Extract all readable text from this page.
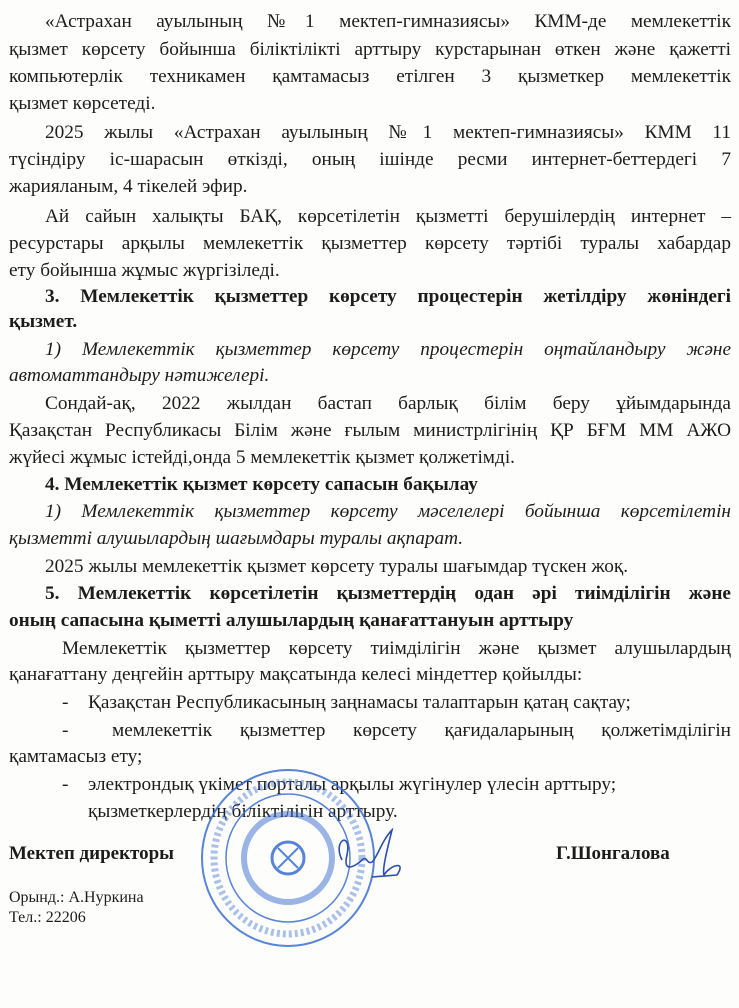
«Астрахан ауылының №1 мектеп-гимназиясы» КММ-де мемлекеттік
қызмет көрсету бойынша біліктілікті арттыру курстарынан өткен және қажетті
компьютерлік техникамен қамтамасыз етілген 3 қызметкер мемлекеттік
қызмет көрсетеді.
2025 жылы «Астрахан ауылының №1 мектеп-гимназиясы» КММ 11
түсіндіру іс-шарасын өткізді, оның ішінде ресми интернет-беттердегі 7
жарияланым, 4 тікелей эфир.
Ай сайын халықты БАҚ, көрсетілетін қызметті берушілердің интернет –
ресурстары арқылы мемлекеттік қызметтер көрсету тәртібі туралы хабардар
ету бойынша жұмыс жүргізіледі.
3. Мемлекеттік қызметтер көрсету процестерін жетілдіру жөніндегі
қызмет.
1) Мемлекеттік қызметтер көрсету процестерін оңтайландыру және
автоматтандыру нәтижелері.
Сондай-ақ, 2022 жылдан бастап барлық білім беру ұйымдарында
Қазақстан Республикасы Білім және ғылым министрлігінің ҚР БҒМ ММ АЖО
жүйесі жұмыс істейді,онда 5 мемлекеттік қызмет қолжетімді.
4. Мемлекеттік қызмет көрсету сапасын бақылау
1) Мемлекеттік қызметтер көрсету мәселелері бойынша көрсетілетін
қызметті алушылардың шағымдары туралы ақпарат.
2025 жылы мемлекеттік қызмет көрсету туралы шағымдар түскен жоқ.
5. Мемлекеттік көрсетілетін қызметтердің одан әрі тиімділігін және
оның сапасына қыметті алушылардың қанағаттануын арттыру
Мемлекеттік қызметтер көрсету тиімділігін және қызмет алушылардың
қанағаттану деңгейін арттыру мақсатында келесі міндеттер қойылды:
-	Қазақстан Республикасының заңнамасы талаптарын қатаң сақтау;
-	мемлекеттік қызметтер көрсету қағидаларының қолжетімділігін
қамтамасыз ету;
-	электрондық үкімет порталы арқылы жүгінулер үлесін арттыру;
қызметкерлердің біліктілігін арттыру.
Мектеп директоры	Г.Шонгалова
Орынд.: А.Нуркина
Тел.: 22206
